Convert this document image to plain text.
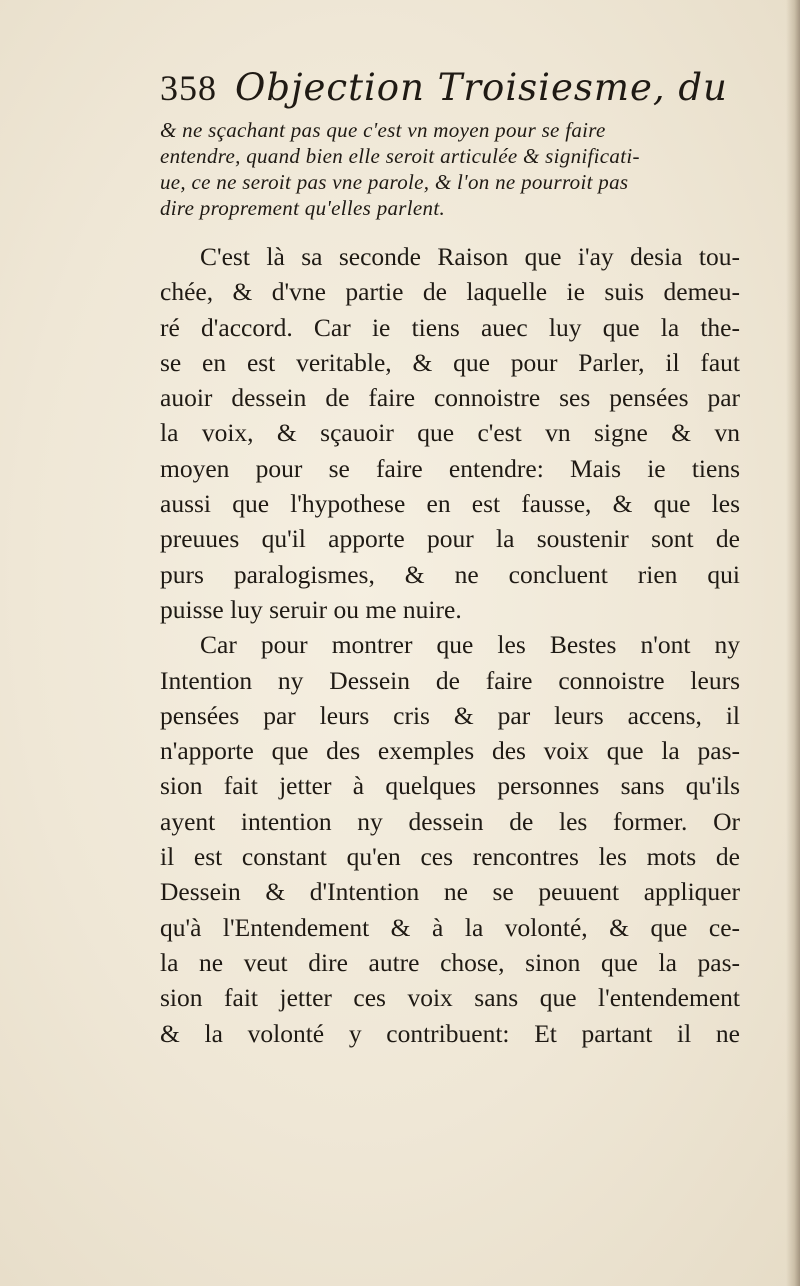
358 Objection Troisiesme, du
& ne sçachant pas que c'est vn moyen pour se faire
entendre, quand bien elle seroit articulée & significati-
ue, ce ne seroit pas vne parole, & l'on ne pourroit pas
dire proprement qu'elles parlent.
C'est là sa seconde Raison que i'ay desia tou-
chée, & d'vne partie de laquelle ie suis demeu-
ré d'accord. Car ie tiens auec luy que la the-
se en est veritable, & que pour Parler, il faut
auoir dessein de faire connoistre ses pensées par
la voix, & sçauoir que c'est vn signe & vn
moyen pour se faire entendre: Mais ie tiens
aussi que l'hypothese en est fausse, & que les
preuues qu'il apporte pour la soustenir sont de
purs paralogismes, & ne concluent rien qui
puisse luy seruir ou me nuire.
Car pour montrer que les Bestes n'ont ny
Intention ny Dessein de faire connoistre leurs
pensées par leurs cris & par leurs accens, il
n'apporte que des exemples des voix que la pas-
sion fait jetter à quelques personnes sans qu'ils
ayent intention ny dessein de les former. Or
il est constant qu'en ces rencontres les mots de
Dessein & d'Intention ne se peuuent appliquer
qu'à l'Entendement & à la volonté, & que ce-
la ne veut dire autre chose, sinon que la pas-
sion fait jetter ces voix sans que l'entendement
& la volonté y contribuent: Et partant il ne
